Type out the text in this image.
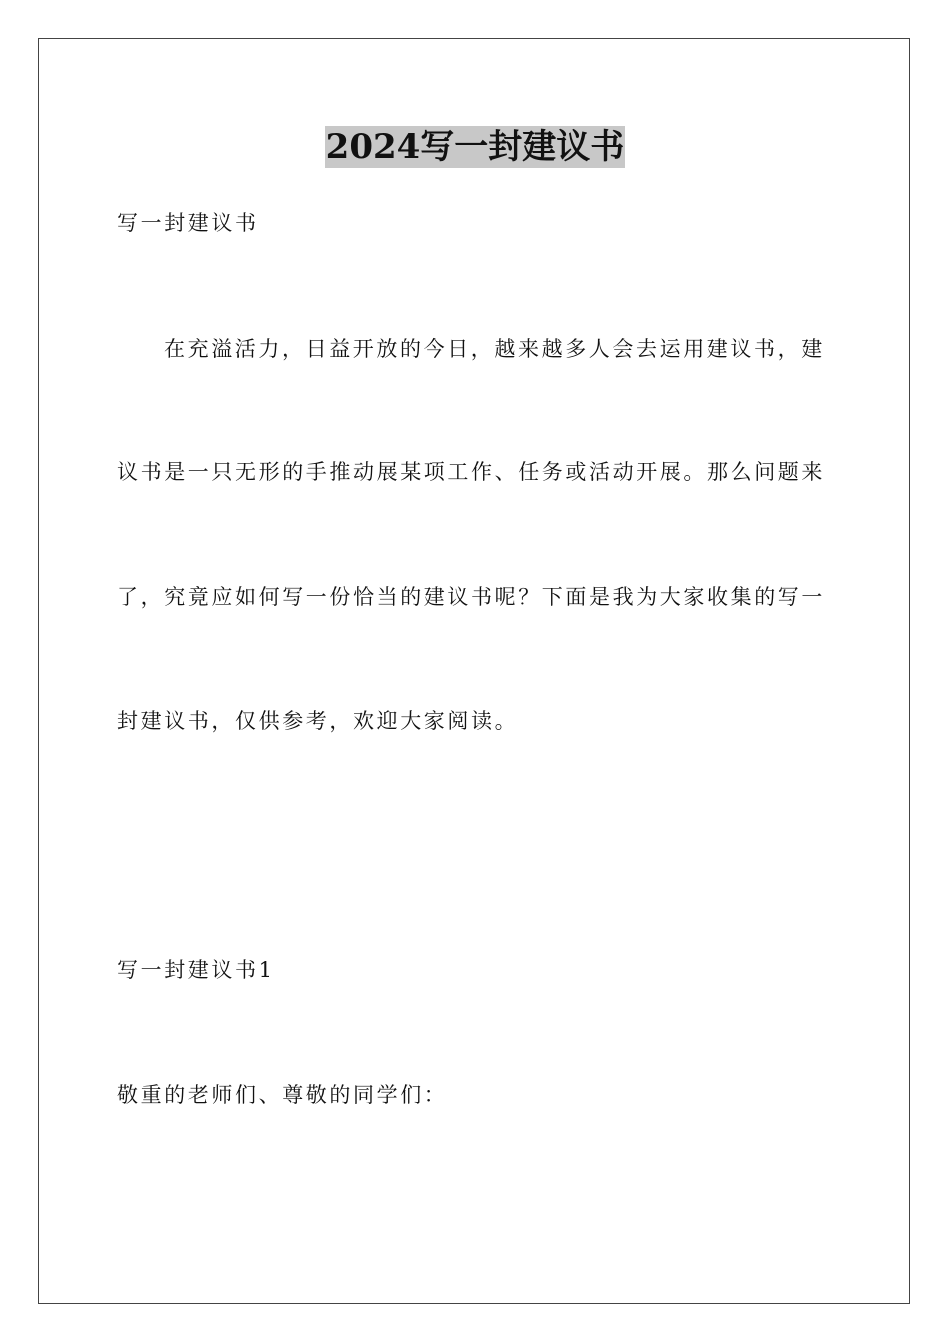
2024写一封建议书
写一封建议书
在充溢活力，日益开放的今日，越来越多人会去运用建议书，建
议书是一只无形的手推动展某项工作、任务或活动开展。那么问题来
了，究竟应如何写一份恰当的建议书呢？下面是我为大家收集的写一
封建议书，仅供参考，欢迎大家阅读。
写一封建议书1
敬重的老师们、尊敬的同学们：
